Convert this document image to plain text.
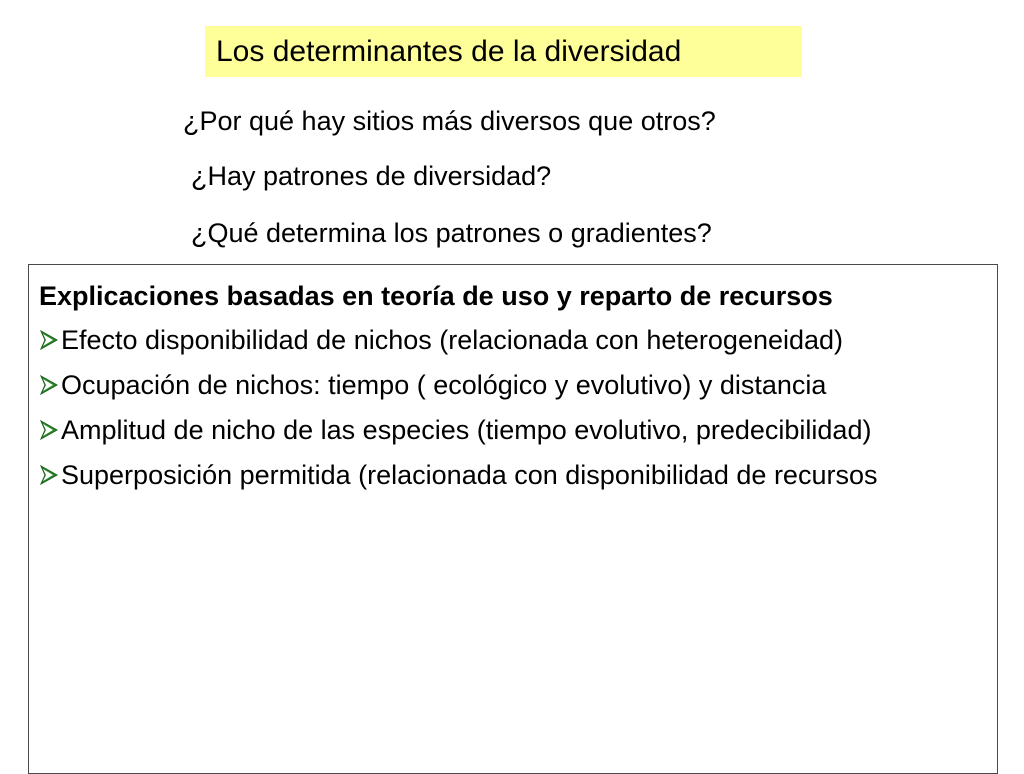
Los determinantes de la diversidad
¿Por qué hay sitios más diversos que otros?
¿Hay patrones de diversidad?
¿Qué determina los patrones o gradientes?
Explicaciones basadas en teoría de uso y reparto de recursos
Efecto disponibilidad de nichos (relacionada con heterogeneidad)
Ocupación de nichos: tiempo ( ecológico y evolutivo) y distancia
Amplitud de nicho de las especies (tiempo evolutivo, predecibilidad)
Superposición permitida (relacionada con disponibilidad de recursos
